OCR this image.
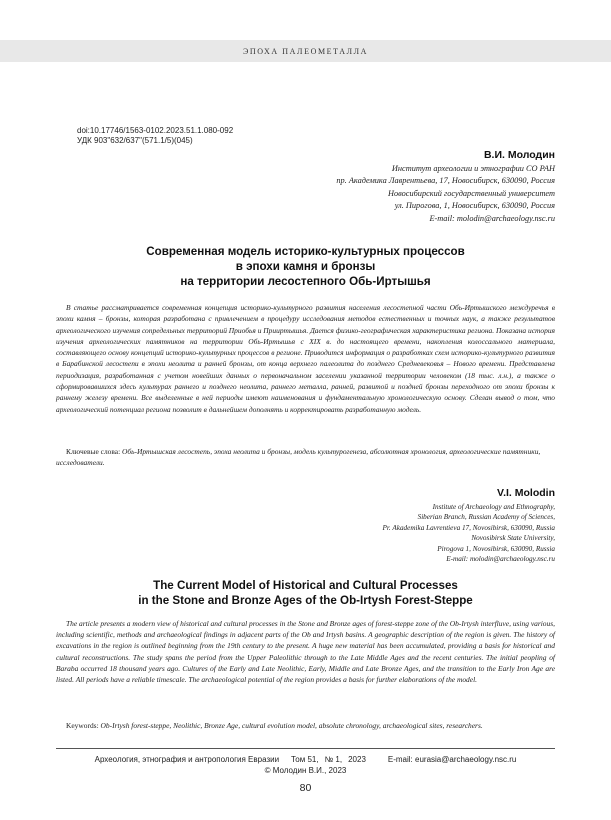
ЭПОХА ПАЛЕОМЕТАЛЛА
doi:10.17746/1563-0102.2023.51.1.080-092
УДК 903"632/637"(571.1/5)(045)
В.И. Молодин
Институт археологии и этнографии СО РАН
пр. Академика Лаврентьева, 17, Новосибирск, 630090, Россия
Новосибирский государственный университет
ул. Пирогова, 1, Новосибирск, 630090, Россия
E-mail: molodin@archaeology.nsc.ru
Современная модель историко-культурных процессов
в эпохи камня и бронзы
на территории лесостепного Обь-Иртышья
В статье рассматривается современная концепция историко-культурного развития населения лесостепной части Обь-Иртышского междуречья в эпохи камня – бронзы, которая разработана с привлечением в процедуру исследования методов естественных и точных наук, а также результатов археологического изучения сопредельных территорий Приобья и Прииртышья. Дается физико-географическая характеристика региона. Показана история изучения археологических памятников на территории Обь-Иртышья с XIX в. до настоящего времени, накопления колоссального материала, составляющего основу концепций историко-культурных процессов в регионе. Приводится информация о разработках схем историко-культурного развития в Барабинской лесостепи в эпохи неолита и ранней бронзы, от конца верхнего палеолита до позднего Средневековья – Нового времени. Представлена периодизация, разработанная с учетом новейших данных о первоначальном заселении указанной территории человеком (18 тыс. л.н.), а также о сформировавшихся здесь культурах раннего и позднего неолита, раннего металла, ранней, развитой и поздней бронзы переходного от эпохи бронзы к раннему железу времени. Все выделенные в ней периоды имеют наименования и фундаментальную хронологическую основу. Сделан вывод о том, что археологический потенциал региона позволит в дальнейшем дополнять и корректировать разработанную модель.
Ключевые слова: Обь-Иртышская лесостепь, эпоха неолита и бронзы, модель культурогенеза, абсолютная хронология, археологические памятники, исследователи.
V.I. Molodin
Institute of Archaeology and Ethnography,
Siberian Branch, Russian Academy of Sciences,
Pr. Akademika Lavrentieva 17, Novosibirsk, 630090, Russia
Novosibirsk State University,
Pirogova 1, Novosibirsk, 630090, Russia
E-mail: molodin@archaeology.nsc.ru
The Current Model of Historical and Cultural Processes
in the Stone and Bronze Ages of the Ob-Irtysh Forest-Steppe
The article presents a modern view of historical and cultural processes in the Stone and Bronze ages of forest-steppe zone of the Ob-Irtysh interfluve, using various, including scientific, methods and archaeological findings in adjacent parts of the Ob and Irtysh basins. A geographic description of the region is given. The history of excavations in the region is outlined beginning from the 19th century to the present. A huge new material has been accumulated, providing a basis for historical and cultural reconstructions. The study spans the period from the Upper Paleolithic through to the Late Middle Ages and the recent centuries. The initial peopling of Baraba occurred 18 thousand years ago. Cultures of the Early and Late Neolithic, Early, Middle and Late Bronze Ages, and the transition to the Early Iron Age are listed. All periods have a reliable timescale. The archaeological potential of the region provides a basis for further elaborations of the model.
Keywords: Ob-Irtysh forest-steppe, Neolithic, Bronze Age, cultural evolution model, absolute chronology, archaeological sites, researchers.
Археология, этнография и антропология Евразии Том 51, № 1, 2023	E-mail: eurasia@archaeology.nsc.ru
© Молодин В.И., 2023
80
